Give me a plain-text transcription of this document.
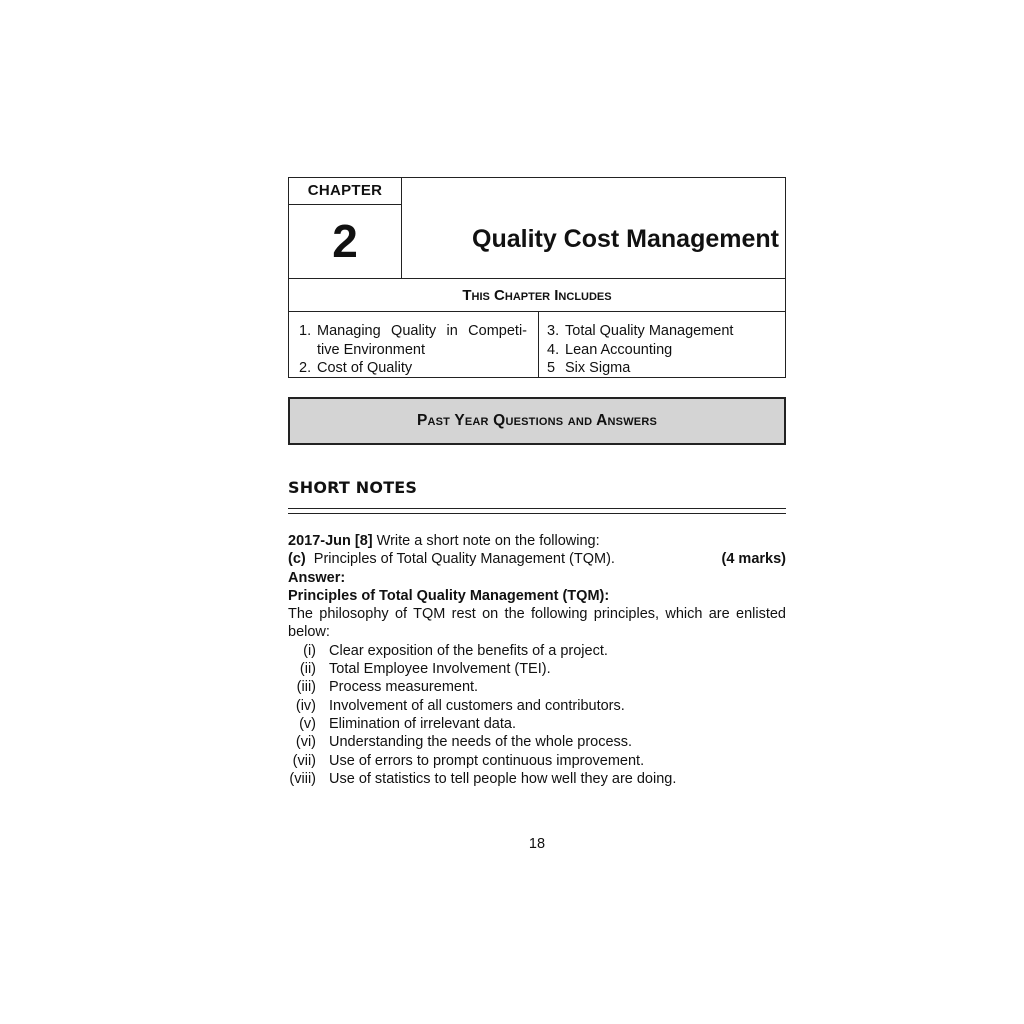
CHAPTER
2	Quality Cost Management
This Chapter Includes
1. Managing Quality in Competi-tive Environment
2. Cost of Quality
3. Total Quality Management
4. Lean Accounting
5 Six Sigma
Past Year Questions and Answers
SHORT NOTES
2017-Jun [8] Write a short note on the following:
(c) Principles of Total Quality Management (TQM).	(4 marks)
Answer:
Principles of Total Quality Management (TQM):
The philosophy of TQM rest on the following principles, which are enlisted below:
(i) Clear exposition of the benefits of a project.
(ii) Total Employee Involvement (TEI).
(iii) Process measurement.
(iv) Involvement of all customers and contributors.
(v) Elimination of irrelevant data.
(vi) Understanding the needs of the whole process.
(vii) Use of errors to prompt continuous improvement.
(viii) Use of statistics to tell people how well they are doing.
18
